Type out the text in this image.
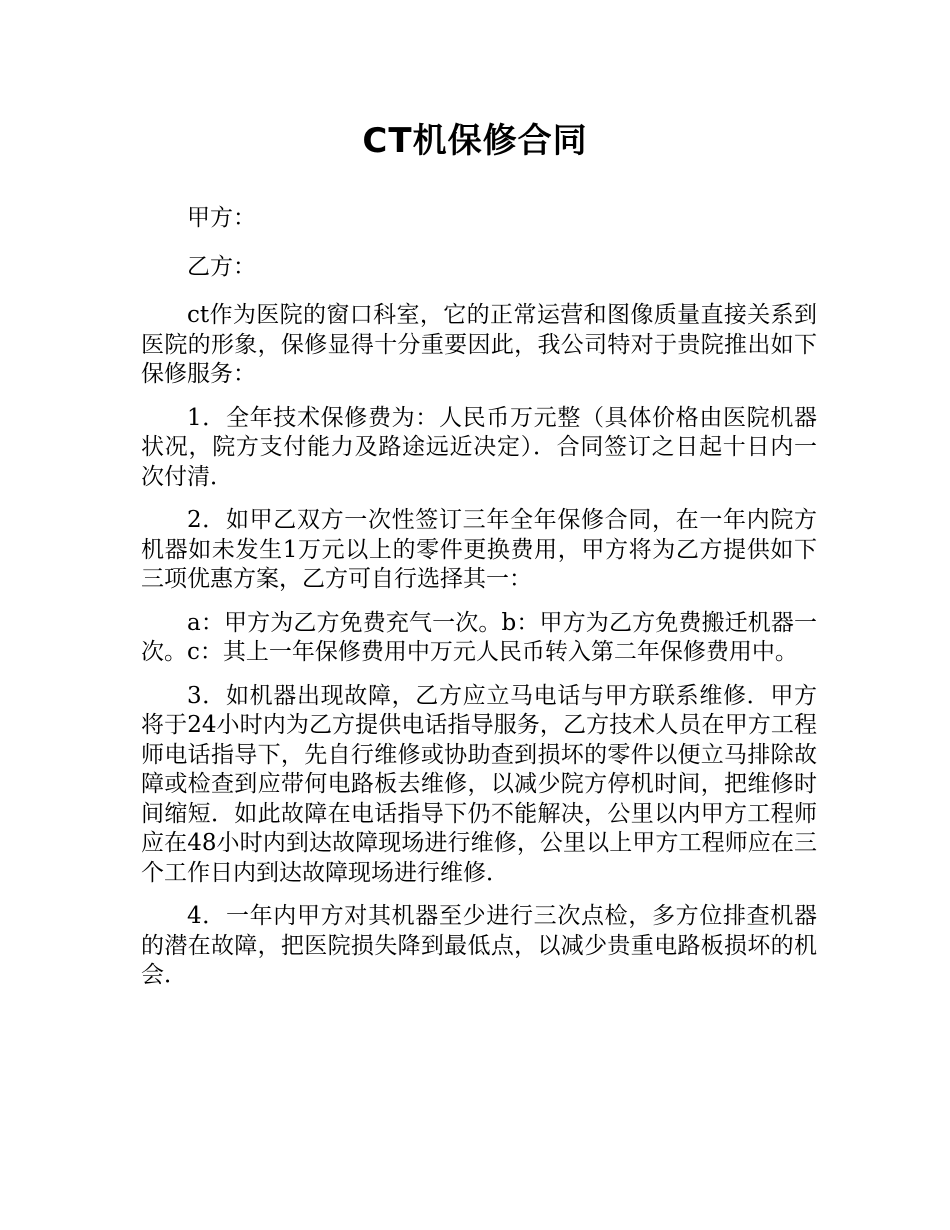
CT机保修合同

甲方：

乙方：

ct作为医院的窗口科室，它的正常运营和图像质量直接关系到医院的形象，保修显得十分重要因此，我公司特对于贵院推出如下保修服务：

1．全年技术保修费为：人民币万元整（具体价格由医院机器状况，院方支付能力及路途远近决定）．合同签订之日起十日内一次付清．

2．如甲乙双方一次性签订三年全年保修合同，在一年内院方机器如未发生1万元以上的零件更换费用，甲方将为乙方提供如下三项优惠方案，乙方可自行选择其一：

a：甲方为乙方免费充气一次。b：甲方为乙方免费搬迁机器一次。c：其上一年保修费用中万元人民币转入第二年保修费用中。

3．如机器出现故障，乙方应立马电话与甲方联系维修．甲方将于24小时内为乙方提供电话指导服务，乙方技术人员在甲方工程师电话指导下，先自行维修或协助查到损坏的零件以便立马排除故障或检查到应带何电路板去维修，以减少院方停机时间，把维修时间缩短．如此故障在电话指导下仍不能解决，公里以内甲方工程师应在48小时内到达故障现场进行维修，公里以上甲方工程师应在三个工作日内到达故障现场进行维修．

4．一年内甲方对其机器至少进行三次点检，多方位排查机器的潜在故障，把医院损失降到最低点，以减少贵重电路板损坏的机会．
